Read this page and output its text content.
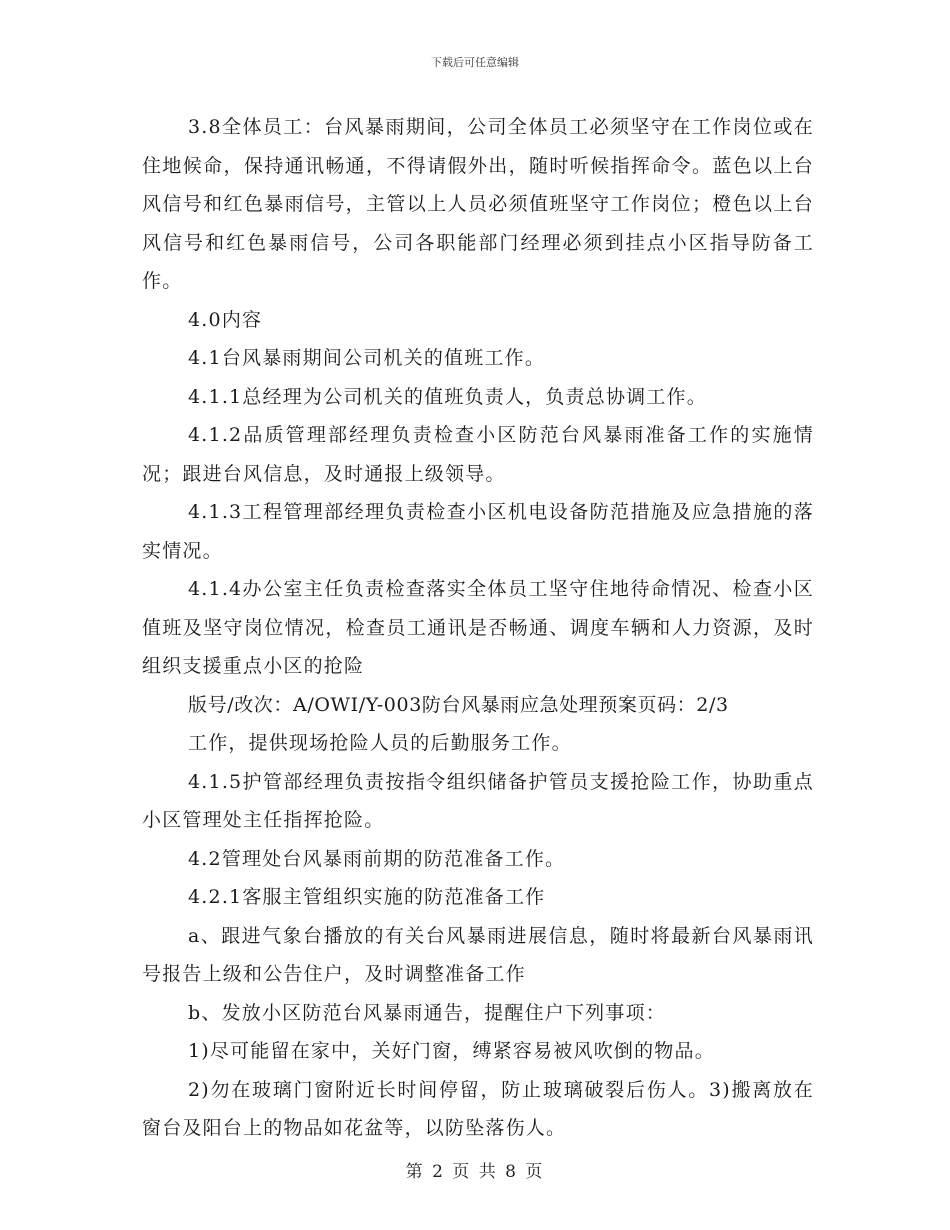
下载后可任意编辑

3.8全体员工：台风暴雨期间，公司全体员工必须坚守在工作岗位或在住地候命，保持通讯畅通，不得请假外出，随时听候指挥命令。蓝色以上台风信号和红色暴雨信号，主管以上人员必须值班坚守工作岗位；橙色以上台风信号和红色暴雨信号，公司各职能部门经理必须到挂点小区指导防备工作。

4.0内容

4.1台风暴雨期间公司机关的值班工作。

4.1.1总经理为公司机关的值班负责人，负责总协调工作。

4.1.2品质管理部经理负责检查小区防范台风暴雨准备工作的实施情况；跟进台风信息，及时通报上级领导。

4.1.3工程管理部经理负责检查小区机电设备防范措施及应急措施的落实情况。

4.1.4办公室主任负责检查落实全体员工坚守住地待命情况、检查小区值班及坚守岗位情况，检查员工通讯是否畅通、调度车辆和人力资源，及时组织支援重点小区的抢险

版号/改次：A/OWI/Y-003防台风暴雨应急处理预案页码：2/3

工作，提供现场抢险人员的后勤服务工作。

4.1.5护管部经理负责按指令组织储备护管员支援抢险工作，协助重点小区管理处主任指挥抢险。

4.2管理处台风暴雨前期的防范准备工作。

4.2.1客服主管组织实施的防范准备工作

a、跟进气象台播放的有关台风暴雨进展信息，随时将最新台风暴雨讯号报告上级和公告住户，及时调整准备工作

b、发放小区防范台风暴雨通告，提醒住户下列事项：

1)尽可能留在家中，关好门窗，缚紧容易被风吹倒的物品。

2)勿在玻璃门窗附近长时间停留，防止玻璃破裂后伤人。3)搬离放在窗台及阳台上的物品如花盆等，以防坠落伤人。

第 2 页 共 8 页
